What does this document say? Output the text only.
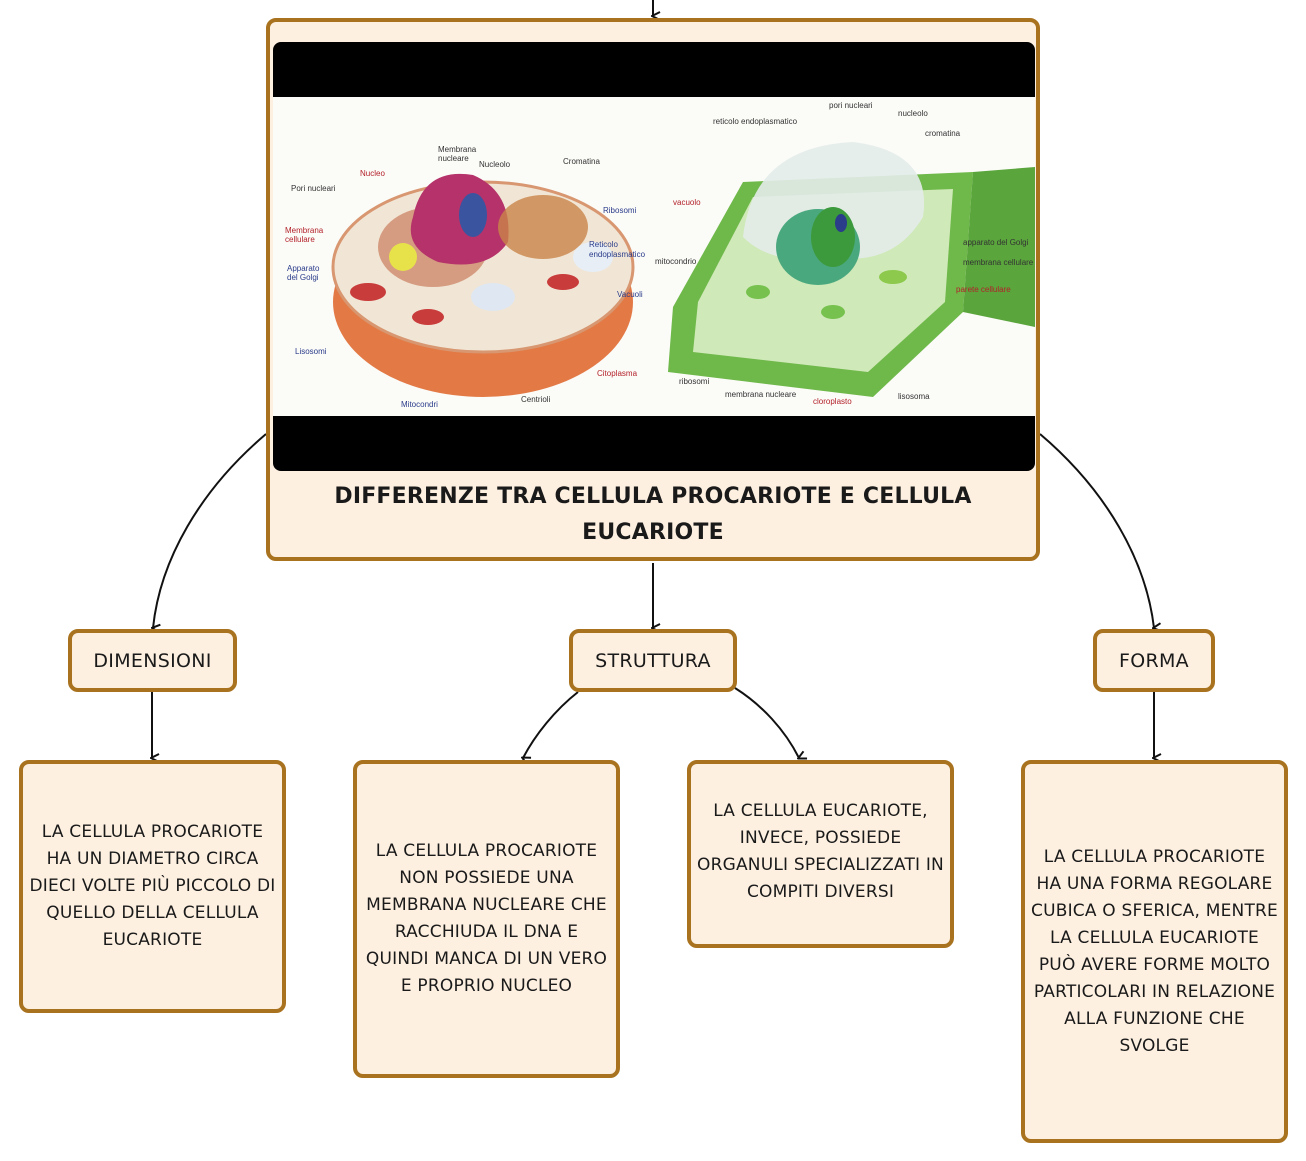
Membrana
nucleare
Nucleolo	Cromatina
Nucleo
Pori nucleari
Ribosomi
Membrana
cellulare
Reticolo
endoplasmatico
Apparato
del Golgi
Vacuoli
Lisosomi
Citoplasma
Mitocondri
Centrioli
pori nucleari
nucleolo
reticolo endoplasmatico
cromatina
vacuolo
apparato del Golgi
mitocondrio	membrana cellulare
parete cellulare
ribosomi
membrana nucleare
cloroplasto
lisosoma
DIFFERENZE TRA CELLULA PROCARIOTE E CELLULA EUCARIOTE
DIMENSIONI	STRUTTURA	FORMA
LA CELLULA PROCARIOTE HA UN DIAMETRO CIRCA DIECI VOLTE PIÙ PICCOLO DI QUELLO DELLA CELLULA EUCARIOTE
LA CELLULA PROCARIOTE NON POSSIEDE UNA MEMBRANA NUCLEARE CHE RACCHIUDA IL DNA E QUINDI MANCA DI UN VERO E PROPRIO NUCLEO
LA CELLULA EUCARIOTE, INVECE, POSSIEDE ORGANULI SPECIALIZZATI IN COMPITI DIVERSI
LA CELLULA PROCARIOTE HA UNA FORMA REGOLARE CUBICA O SFERICA, MENTRE LA CELLULA EUCARIOTE PUÒ AVERE FORME MOLTO PARTICOLARI IN RELAZIONE ALLA FUNZIONE CHE SVOLGE
